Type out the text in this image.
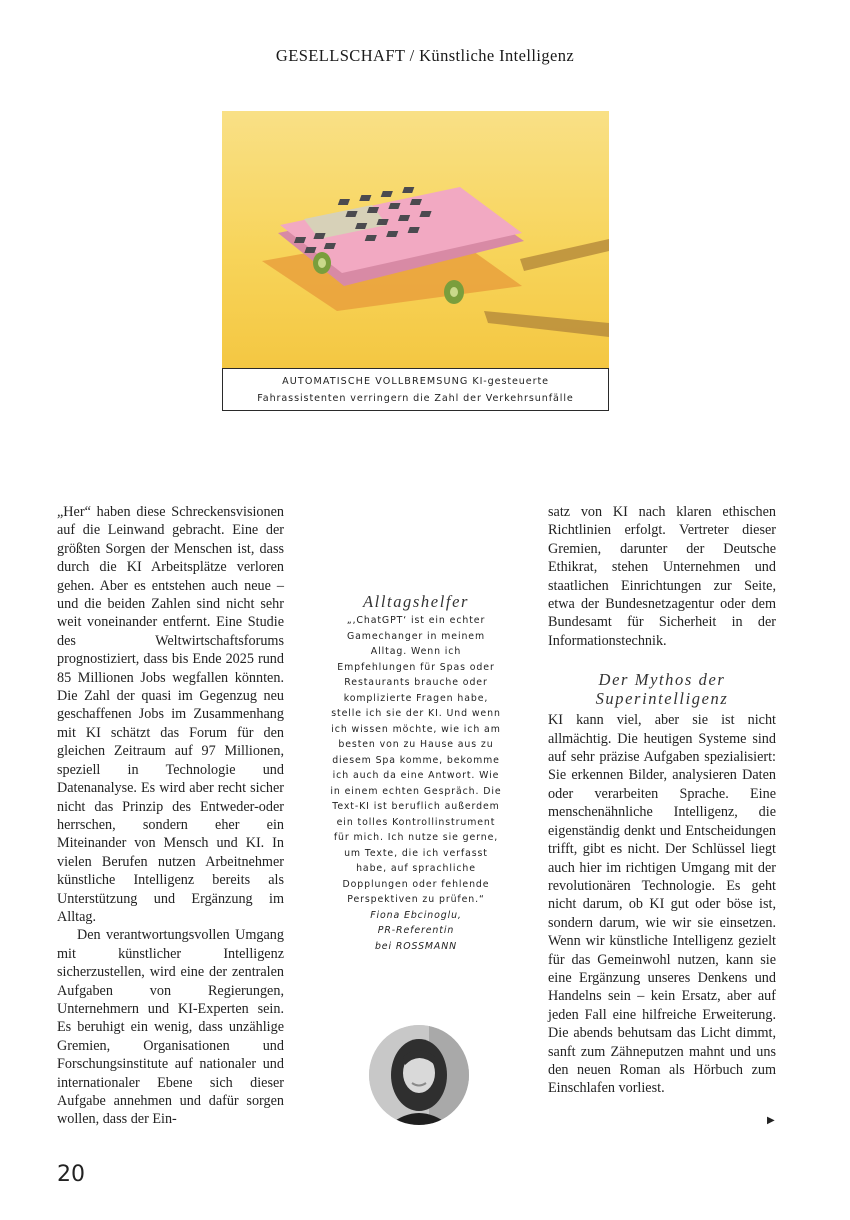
GESELLSCHAFT / Künstliche Intelligenz
AUTOMATISCHE VOLLBREMSUNG KI-gesteuerte
Fahrassistenten verringern die Zahl der Verkehrsunfälle

„Her“ haben diese Schreckensvisionen auf die Leinwand gebracht. Eine der größten Sorgen der Menschen ist, dass durch die KI Arbeitsplätze verloren gehen. Aber es entstehen auch neue – und die beiden Zahlen sind nicht sehr weit voneinander entfernt. Eine Studie des Weltwirtschaftsforums prognostiziert, dass bis Ende 2025 rund 85 Millionen Jobs wegfallen könnten. Die Zahl der quasi im Gegenzug neu geschaffenen Jobs im Zusammenhang mit KI schätzt das Forum für den gleichen Zeitraum auf 97 Millionen, speziell in Technologie und Datenanalyse. Es wird aber recht sicher nicht das Prinzip des Entweder-oder herrschen, sondern eher ein Miteinander von Mensch und KI. In vielen Berufen nutzen Arbeitnehmer künstliche Intelligenz bereits als Unterstützung und Ergänzung im Alltag.

Den verantwortungsvollen Umgang mit künstlicher Intelligenz sicherzustellen, wird eine der zentralen Aufgaben von Regierungen, Unternehmern und KI-Experten sein. Es beruhigt ein wenig, dass unzählige Gremien, Organisationen und Forschungsinstitute auf nationaler und internationaler Ebene sich dieser Aufgabe annehmen und dafür sorgen wollen, dass der Ein-

Alltagshelfer
„‚ChatGPT‘ ist ein echter Gamechanger in meinem Alltag. Wenn ich Empfehlungen für Spas oder Restaurants brauche oder komplizierte Fragen habe, stelle ich sie der KI. Und wenn ich wissen möchte, wie ich am besten von zu Hause aus zu diesem Spa komme, bekomme ich auch da eine Antwort. Wie in einem echten Gespräch. Die Text-KI ist beruflich außerdem ein tolles Kontrollinstrument für mich. Ich nutze sie gerne, um Texte, die ich verfasst habe, auf sprachliche Dopplungen oder fehlende Perspektiven zu prüfen.“
Fiona Ebcinoglu,
PR-Referentin
bei ROSSMANN

satz von KI nach klaren ethischen Richtlinien erfolgt. Vertreter dieser Gremien, darunter der Deutsche Ethikrat, stehen Unternehmen und staatlichen Einrichtungen zur Seite, etwa der Bundesnetzagentur oder dem Bundesamt für Sicherheit in der Informationstechnik.

Der Mythos der
Superintelligenz

KI kann viel, aber sie ist nicht allmächtig. Die heutigen Systeme sind auf sehr präzise Aufgaben spezialisiert: Sie erkennen Bilder, analysieren Daten oder verarbeiten Sprache. Eine menschenähnliche Intelligenz, die eigenständig denkt und Entscheidungen trifft, gibt es nicht. Der Schlüssel liegt auch hier im richtigen Umgang mit der revolutionären Technologie. Es geht nicht darum, ob KI gut oder böse ist, sondern darum, wie wir sie einsetzen. Wenn wir künstliche Intelligenz gezielt für das Gemeinwohl nutzen, kann sie eine Ergänzung unseres Denkens und Handelns sein – kein Ersatz, aber auf jeden Fall eine hilfreiche Erweiterung. Die abends behutsam das Licht dimmt, sanft zum Zähneputzen mahnt und uns den neuen Roman als Hörbuch zum Einschlafen vorliest.

▶
20
